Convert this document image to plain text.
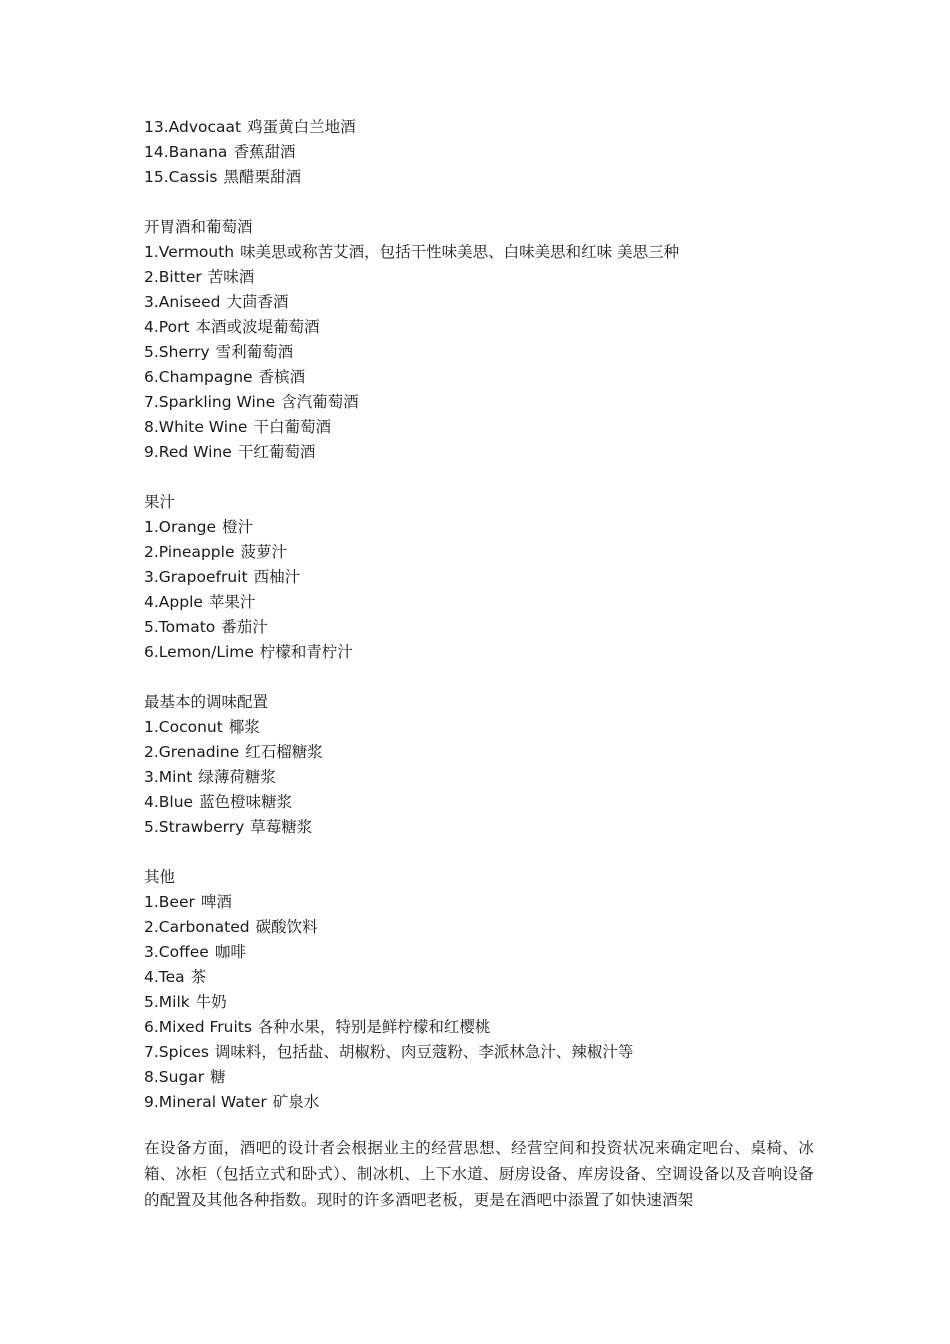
13.Advocaat 鸡蛋黄白兰地酒
14.Banana 香蕉甜酒
15.Cassis 黑醋栗甜酒
开胃酒和葡萄酒
1.Vermouth 味美思或称苦艾酒，包括干性味美思、白味美思和红味 美思三种
2.Bitter 苦味酒
3.Aniseed 大茴香酒
4.Port 本酒或波堤葡萄酒
5.Sherry 雪利葡萄酒
6.Champagne 香槟酒
7.Sparkling Wine 含汽葡萄酒
8.White Wine 干白葡萄酒
9.Red Wine 干红葡萄酒
果汁
1.Orange 橙汁
2.Pineapple 菠萝汁
3.Grapoefruit 西柚汁
4.Apple 苹果汁
5.Tomato 番茄汁
6.Lemon/Lime 柠檬和青柠汁
最基本的调味配置
1.Coconut 椰浆
2.Grenadine 红石榴糖浆
3.Mint 绿薄荷糖浆
4.Blue 蓝色橙味糖浆
5.Strawberry 草莓糖浆
其他
1.Beer 啤酒
2.Carbonated 碳酸饮料
3.Coffee 咖啡
4.Tea 茶
5.Milk 牛奶
6.Mixed Fruits 各种水果，特别是鲜柠檬和红樱桃
7.Spices 调味料，包括盐、胡椒粉、肉豆蔻粉、李派林急汁、辣椒汁等
8.Sugar 糖
9.Mineral Water 矿泉水

在设备方面，酒吧的设计者会根据业主的经营思想、经营空间和投资状况来确定吧台、桌椅、冰箱、冰柜（包括立式和卧式）、制冰机、上下水道、厨房设备、库房设备、空调设备以及音响设备的配置及其他各种指数。现时的许多酒吧老板，更是在酒吧中添置了如快速酒架
